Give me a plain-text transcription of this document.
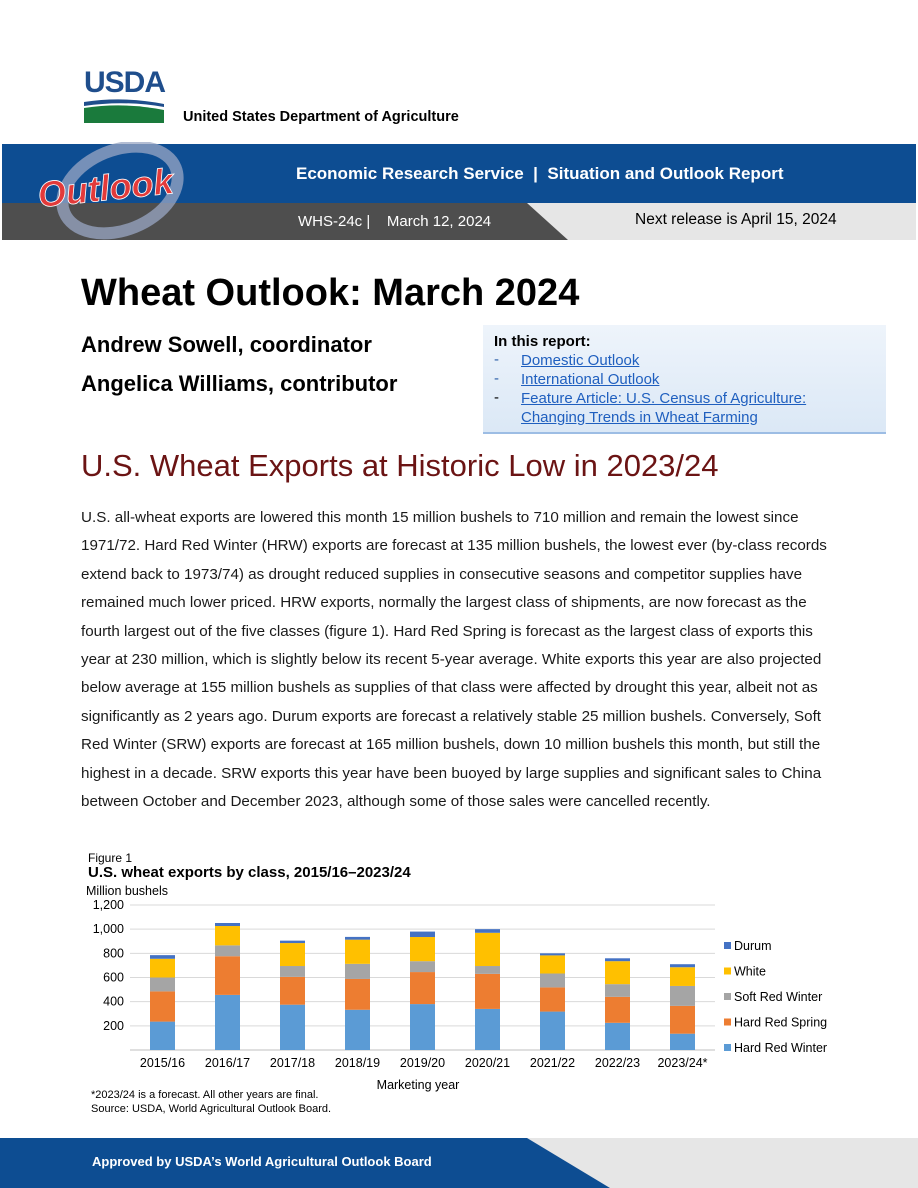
USDA
United States Department of Agriculture
Outlook	Economic Research Service  |  Situation and Outlook Report
WHS-24c |    March 12, 2024	Next release is April 15, 2024
Wheat Outlook: March 2024
Andrew Sowell, coordinator
Angelica Williams, contributor
In this report:
- Domestic Outlook
- International Outlook
- Feature Article: U.S. Census of Agriculture:
Changing Trends in Wheat Farming
U.S. Wheat Exports at Historic Low in 2023/24
U.S. all-wheat exports are lowered this month 15 million bushels to 710 million and remain the lowest since 1971/72. Hard Red Winter (HRW) exports are forecast at 135 million bushels, the lowest ever (by-class records extend back to 1973/74) as drought reduced supplies in consecutive seasons and competitor supplies have remained much lower priced. HRW exports, normally the largest class of shipments, are now forecast as the fourth largest out of the five classes (figure 1). Hard Red Spring is forecast as the largest class of exports this year at 230 million, which is slightly below its recent 5-year average. White exports this year are also projected below average at 155 million bushels as supplies of that class were affected by drought this year, albeit not as significantly as 2 years ago. Durum exports are forecast a relatively stable 25 million bushels. Conversely, Soft Red Winter (SRW) exports are forecast at 165 million bushels, down 10 million bushels this month, but still the highest in a decade. SRW exports this year have been buoyed by large supplies and significant sales to China between October and December 2023, although some of those sales were cancelled recently.
Figure 1
U.S. wheat exports by class, 2015/16–2023/24
Million bushels
200
400
600
800
1,000
1,200
2015/16 2016/17 2017/18 2018/19 2019/20 2020/21 2021/22 2022/23 2023/24*
Marketing year
Durum
White
Soft Red Winter
Hard Red Spring
Hard Red Winter
*2023/24 is a forecast. All other years are final.
Source: USDA, World Agricultural Outlook Board.
Approved by USDA’s World Agricultural Outlook Board
